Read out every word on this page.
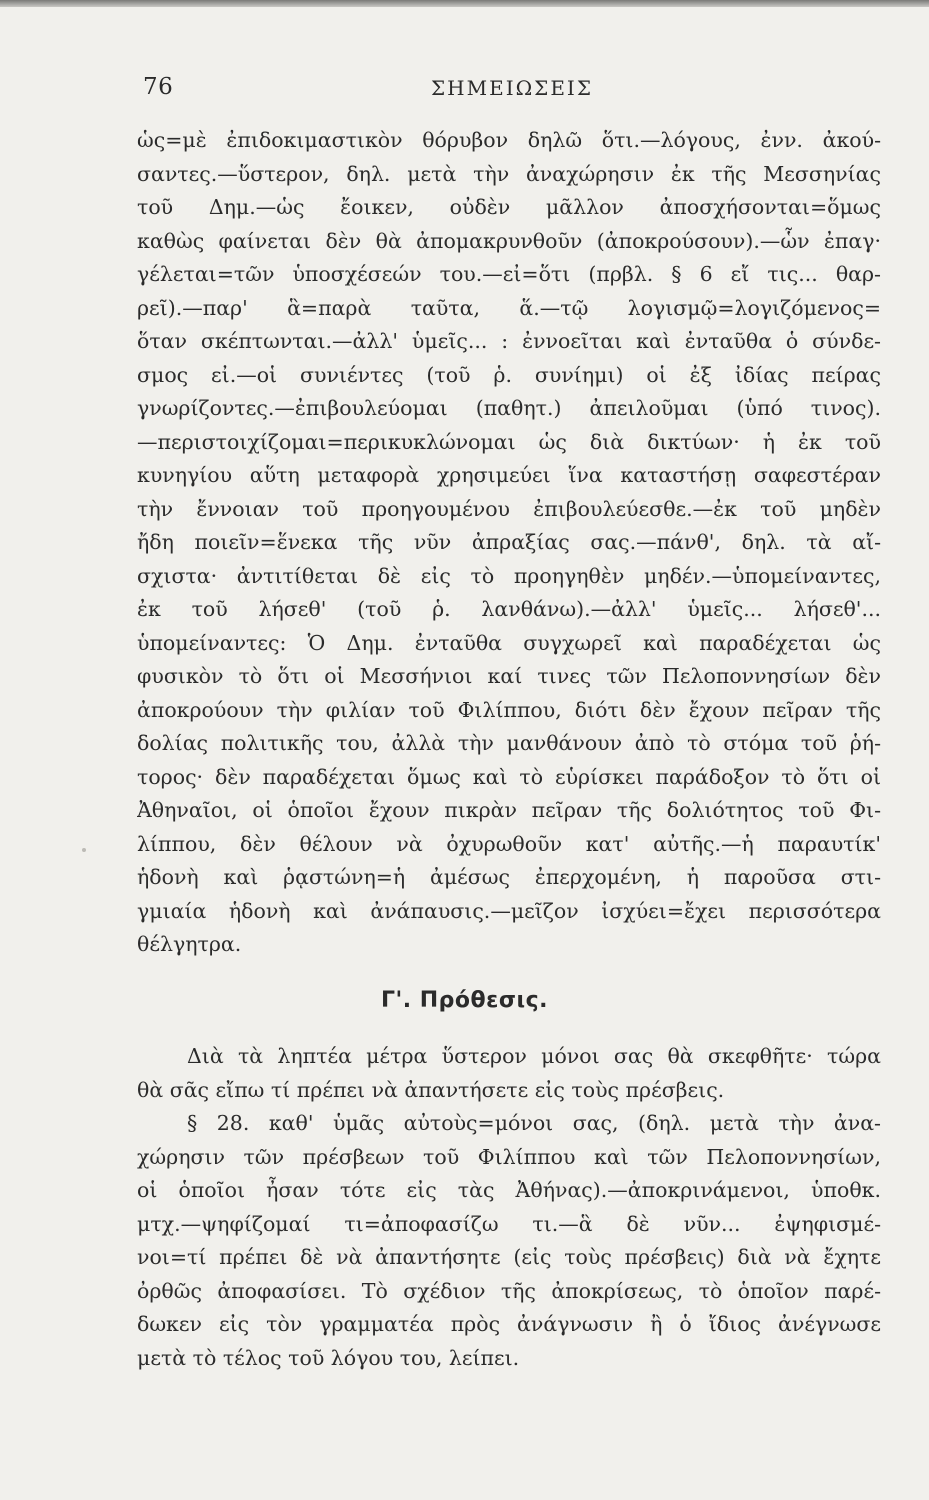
76	ΣΗΜΕΙΩΣΕΙΣ
ὡς=μὲ ἐπιδοκιμαστικὸν θόρυβον δηλῶ ὅτι.—λόγους, ἐνν. ἀκού-
σαντες.—ὕστερον, δηλ. μετὰ τὴν ἀναχώρησιν ἐκ τῆς Μεσσηνίας
τοῦ Δημ.—ὡς ἔοικεν, οὐδὲν μᾶλλον ἀποσχήσονται=ὅμως
καθὼς φαίνεται δὲν θὰ ἀπομακρυνθοῦν (ἀποκρούσουν).—ὧν ἐπαγ·
γέλεται=τῶν ὑποσχέσεών του.—εἰ=ὅτι (πρβλ. § 6 εἴ τις... θαρ-
ρεῖ).—παρ' ἃ=παρὰ ταῦτα, ἅ.—τῷ λογισμῷ=λογιζόμενος=
ὅταν σκέπτωνται.—ἀλλ' ὑμεῖς... : ἐννοεῖται καὶ ἐνταῦθα ὁ σύνδε-
σμος εἰ.—οἱ συνιέντες (τοῦ ῥ. συνίημι) οἱ ἐξ ἰδίας πείρας
γνωρίζοντες.—ἐπιβουλεύομαι (παθητ.) ἀπειλοῦμαι (ὑπό τινος).
—περιστοιχίζομαι=περικυκλώνομαι ὡς διὰ δικτύων· ἡ ἐκ τοῦ
κυνηγίου αὕτη μεταφορὰ χρησιμεύει ἵνα καταστήσῃ σαφεστέραν
τὴν ἔννοιαν τοῦ προηγουμένου ἐπιβουλεύεσθε.—ἐκ τοῦ μηδὲν
ἤδη ποιεῖν=ἕνεκα τῆς νῦν ἀπραξίας σας.—πάνθ', δηλ. τὰ αἴ-
σχιστα· ἀντιτίθεται δὲ εἰς τὸ προηγηθὲν μηδέν.—ὑπομείναντες,
ἐκ τοῦ λήσεθ' (τοῦ ῥ. λανθάνω).—ἀλλ' ὑμεῖς... λήσεθ'...
ὑπομείναντες: Ὁ Δημ. ἐνταῦθα συγχωρεῖ καὶ παραδέχεται ὡς
φυσικὸν τὸ ὅτι οἱ Μεσσήνιοι καί τινες τῶν Πελοποννησίων δὲν
ἀποκρούουν τὴν φιλίαν τοῦ Φιλίππου, διότι δὲν ἔχουν πεῖραν τῆς
δολίας πολιτικῆς του, ἀλλὰ τὴν μανθάνουν ἀπὸ τὸ στόμα τοῦ ῥή-
τορος· δὲν παραδέχεται ὅμως καὶ τὸ εὑρίσκει παράδοξον τὸ ὅτι οἱ
Ἀθηναῖοι, οἱ ὁποῖοι ἔχουν πικρὰν πεῖραν τῆς δολιότητος τοῦ Φι-
λίππου, δὲν θέλουν νὰ ὀχυρωθοῦν κατ' αὐτῆς.—ἡ παραυτίκ'
ἡδονὴ καὶ ῥᾳστώνη=ἡ ἀμέσως ἐπερχομένη, ἡ παροῦσα στι-
γμιαία ἡδονὴ καὶ ἀνάπαυσις.—μεῖζον ἰσχύει=ἔχει περισσότερα
θέλγητρα.
Γ'. Πρόθεσις.
Διὰ τὰ ληπτέα μέτρα ὕστερον μόνοι σας θὰ σκεφθῆτε· τώρα
θὰ σᾶς εἴπω τί πρέπει νὰ ἀπαντήσετε εἰς τοὺς πρέσβεις.
§ 28. καθ' ὑμᾶς αὐτοὺς=μόνοι σας, (δηλ. μετὰ τὴν ἀνα-
χώρησιν τῶν πρέσβεων τοῦ Φιλίππου καὶ τῶν Πελοποννησίων,
οἱ ὁποῖοι ἦσαν τότε εἰς τὰς Ἀθήνας).—ἀποκρινάμενοι, ὑποθκ.
μτχ.—ψηφίζομαί τι=ἀποφασίζω τι.—ἃ δὲ νῦν... ἐψηφισμέ-
νοι=τί πρέπει δὲ νὰ ἀπαντήσητε (εἰς τοὺς πρέσβεις) διὰ νὰ ἔχητε
ὀρθῶς ἀποφασίσει. Τὸ σχέδιον τῆς ἀποκρίσεως, τὸ ὁποῖον παρέ-
δωκεν εἰς τὸν γραμματέα πρὸς ἀνάγνωσιν ἢ ὁ ἴδιος ἀνέγνωσε
μετὰ τὸ τέλος τοῦ λόγου του, λείπει.
